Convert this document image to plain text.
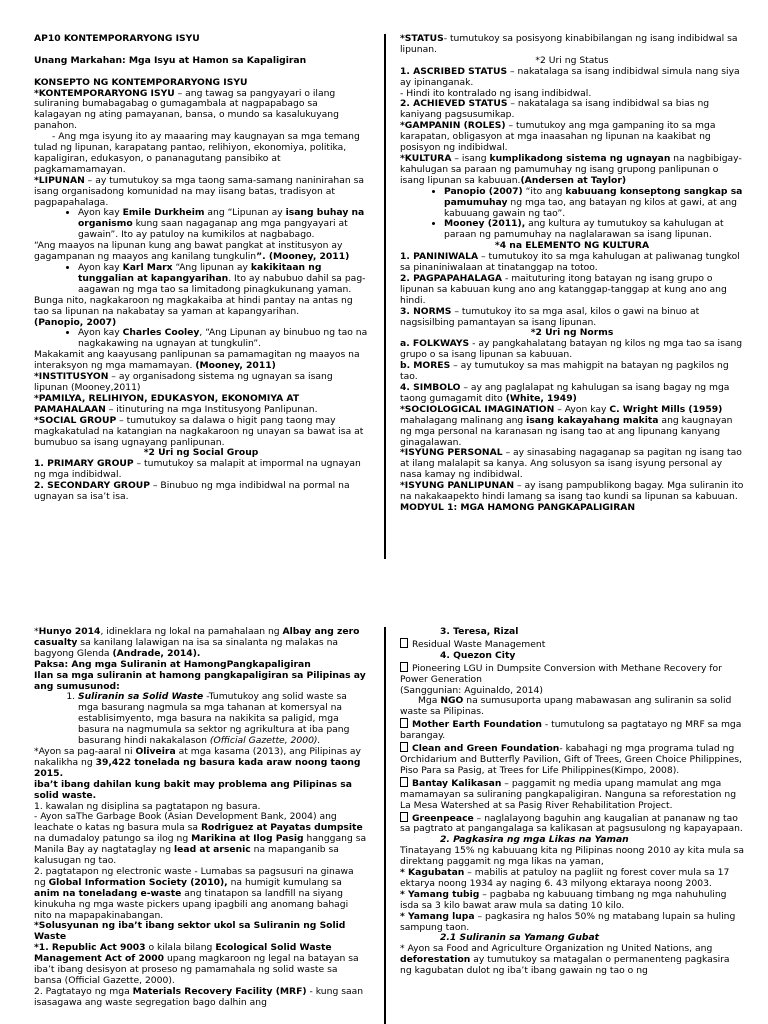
AP10 KONTEMPORARYONG ISYU

Unang Markahan: Mga Isyu at Hamon sa Kapaligiran

KONSEPTO NG KONTEMPORARYONG ISYU

*KONTEMPORARYONG ISYU – ang tawag sa pangyayari o ilang suliraning bumabagabag o gumagambala at nagpapabago sa kalagayan ng ating pamayanan, bansa, o mundo sa kasalukuyang panahon.

- Ang mga isyung ito ay maaaring may kaugnayan sa mga temang tulad ng lipunan, karapatang pantao, relihiyon, ekonomiya, politika, kapaligiran, edukasyon, o pananagutang pansibiko at pagkamamamayan.

*LIPUNAN – ay tumutukoy sa mga taong sama-samang naninirahan sa isang organisadong komunidad na may iisang batas, tradisyon at pagpapahalaga.

• Ayon kay Emile Durkheim ang “Lipunan ay isang buhay na organismo kung saan nagaganap ang mga pangyayari at gawain”. Ito ay patuloy na kumikilos at nagbabago.

“Ang maayos na lipunan kung ang bawat pangkat at institusyon ay gagampanan ng maayos ang kanilang tungkulin”. (Mooney, 2011)

• Ayon kay Karl Marx “Ang lipunan ay kakikitaan ng tunggalian at kapangyarihan. Ito ay nabubuo dahil sa pag-aagawan ng mga tao sa limitadong pinagkukunang yaman.

Bunga nito, nagkakaroon ng magkakaiba at hindi pantay na antas ng tao sa lipunan na nakabatay sa yaman at kapangyarihan.

(Panopio, 2007)

• Ayon kay Charles Cooley, “Ang Lipunan ay binubuo ng tao na nagkakawing na ugnayan at tungkulin”.

Makakamit ang kaayusang panlipunan sa pamamagitan ng maayos na interaksyon ng mga mamamayan. (Mooney, 2011)

*INSTITUSYON – ay organisadong sistema ng ugnayan sa isang lipunan (Mooney,2011)

*PAMILYA, RELIHIYON, EDUKASYON, EKONOMIYA AT PAMAHALAAN – itinuturing na mga Institusyong Panlipunan.

*SOCIAL GROUP – tumutukoy sa dalawa o higit pang taong may magkakatulad na katangian na nagkakaroon ng unayan sa bawat isa at bumubuo sa isang ugnayang panlipunan.

*2 Uri ng Social Group

1. PRIMARY GROUP – tumutukoy sa malapit at impormal na ugnayan ng mga indibidwal.

2. SECONDARY GROUP – Binubuo ng mga indibidwal na pormal na ugnayan sa isa’t isa.

*STATUS- tumutukoy sa posisyong kinabibilangan ng isang indibidwal sa lipunan.

*2 Uri ng Status

1. ASCRIBED STATUS – nakatalaga sa isang indibidwal simula nang siya ay ipinanganak.

- Hindi ito kontralado ng isang indibidwal.

2. ACHIEVED STATUS – nakatalaga sa isang indibidwal sa bias ng kaniyang pagsusumikap.

*GAMPANIN (ROLES) – tumutukoy ang mga gampaning ito sa mga karapatan, obligasyon at mga inaasahan ng lipunan na kaakibat ng posisyon ng indibidwal.

*KULTURA – isang kumplikadong sistema ng ugnayan na nagbibigay-kahulugan sa paraan ng pamumuhay ng isang grupong panlipunan o isang lipunan sa kabuuan.(Andersen at Taylor)

• Panopio (2007) “ito ang kabuuang konseptong sangkap sa pamumuhay ng mga tao, ang batayan ng kilos at gawi, at ang kabuuang gawain ng tao”.
• Mooney (2011), ang kultura ay tumutukoy sa kahulugan at paraan ng pamumuhay na naglalarawan sa isang lipunan.

*4 na ELEMENTO NG KULTURA

1. PANINIWALA – tumutukoy ito sa mga kahulugan at paliwanag tungkol sa pinaniniwalaan at tinatanggap na totoo.

2. PAGPAPAHALAGA - maituturing itong batayan ng isang grupo o lipunan sa kabuuan kung ano ang katanggap-tanggap at kung ano ang hindi.

3. NORMS – tumutukoy ito sa mga asal, kilos o gawi na binuo at nagsisilbing pamantayan sa isang lipunan.

*2 Uri ng Norms

a. FOLKWAYS - ay pangkahalatang batayan ng kilos ng mga tao sa isang grupo o sa isang lipunan sa kabuuan.

b. MORES – ay tumutukoy sa mas mahigpit na batayan ng pagkilos ng tao.

4. SIMBOLO – ay ang paglalapat ng kahulugan sa isang bagay ng mga taong gumagamit dito (White, 1949)

*SOCIOLOGICAL IMAGINATION – Ayon kay C. Wright Mills (1959) mahalagang malinang ang isang kakayahang makita ang kaugnayan ng mga personal na karanasan ng isang tao at ang lipunang kanyang ginagalawan.

*ISYUNG PERSONAL – ay sinasabing nagaganap sa pagitan ng isang tao at ilang malalapit sa kanya. Ang solusyon sa isang isyung personal ay nasa kamay ng indibidwal.

*ISYUNG PANLIPUNAN – ay isang pampublikong bagay. Mga suliranin ito na nakakaapekto hindi lamang sa isang tao kundi sa lipunan sa kabuuan.

MODYUL 1: MGA HAMONG PANGKAPALIGIRAN

*Hunyo 2014, idineklara ng lokal na pamahalaan ng Albay ang zero casualty sa kanilang lalawigan na isa sa sinalanta ng malakas na bagyong Glenda (Andrade, 2014).

Paksa: Ang mga Suliranin at HamongPangkapaligiran

Ilan sa mga suliranin at hamong pangkapaligiran sa Pilipinas ay ang sumusunod:

1. Suliranin sa Solid Waste -Tumutukoy ang solid waste sa mga basurang nagmula sa mga tahanan at komersyal na establisimyento, mga basura na nakikita sa paligid, mga basura na nagmumula sa sektor ng agrikultura at iba pang basurang hindi nakakalason (Official Gazette, 2000).

*Ayon sa pag-aaral ni Oliveira at mga kasama (2013), ang Pilipinas ay nakalikha ng 39,422 tonelada ng basura kada araw noong taong 2015.

iba’t ibang dahilan kung bakit may problema ang Pilipinas sa solid waste.

1. kawalan ng disiplina sa pagtatapon ng basura.

- Ayon saThe Garbage Book (Asian Development Bank, 2004) ang leachate o katas ng basura mula sa Rodriguez at Payatas dumpsite na dumadaloy patungo sa ilog ng Marikina at Ilog Pasig hanggang sa Manila Bay ay nagtataglay ng lead at arsenic na mapanganib sa kalusugan ng tao.

2. pagtatapon ng electronic waste - Lumabas sa pagsusuri na ginawa ng Global Information Society (2010), na humigit kumulang sa anim na toneladang e-waste ang tinatapon sa landfill na siyang kinukuha ng mga waste pickers upang ipagbili ang anomang bahagi nito na mapapakinabangan.

*Solusyunan ng iba’t ibang sektor ukol sa Suliranin ng Solid Waste

*1. Republic Act 9003 o kilala bilang Ecological Solid Waste Management Act of 2000 upang magkaroon ng legal na batayan sa iba’t ibang desisyon at proseso ng pamamahala ng solid waste sa bansa (Official Gazette, 2000).

2. Pagtatayo ng mga Materials Recovery Facility (MRF) - kung saan isasagawa ang waste segregation bago dalhin ang

3. Teresa, Rizal

Residual Waste Management

4. Quezon City

Pioneering LGU in Dumpsite Conversion with Methane Recovery for Power Generation

(Sanggunian: Aguinaldo, 2014)

Mga NGO na sumusuporta upang mabawasan ang suliranin sa solid waste sa Pilipinas.

Mother Earth Foundation - tumutulong sa pagtatayo ng MRF sa mga barangay.

Clean and Green Foundation- kabahagi ng mga programa tulad ng Orchidarium and Butterfly Pavilion, Gift of Trees, Green Choice Philippines, Piso Para sa Pasig, at Trees for Life Philippines(Kimpo, 2008).

Bantay Kalikasan – paggamit ng media upang mamulat ang mga mamamayan sa suliraning pangkapaligiran. Nanguna sa reforestation ng La Mesa Watershed at sa Pasig River Rehabilitation Project.

Greenpeace – naglalayong baguhin ang kaugalian at pananaw ng tao sa pagtrato at pangangalaga sa kalikasan at pagsusulong ng kapayapaan.

2. Pagkasira ng mga Likas na Yaman

Tinatayang 15% ng kabuuang kita ng Pilipinas noong 2010 ay kita mula sa direktang paggamit ng mga likas na yaman,

* Kagubatan – mabilis at patuloy na pagliit ng forest cover mula sa 17 ektarya noong 1934 ay naging 6. 43 milyong ektaraya noong 2003.

* Yamang tubig – pagbaba ng kabuuang timbang ng mga nahuhuling isda sa 3 kilo bawat araw mula sa dating 10 kilo.

* Yamang lupa – pagkasira ng halos 50% ng matabang lupain sa huling sampung taon.

2.1 Suliranin sa Yamang Gubat

* Ayon sa Food and Agriculture Organization ng United Nations, ang deforestation ay tumutukoy sa matagalan o permanenteng pagkasira ng kagubatan dulot ng iba’t ibang gawain ng tao o ng
